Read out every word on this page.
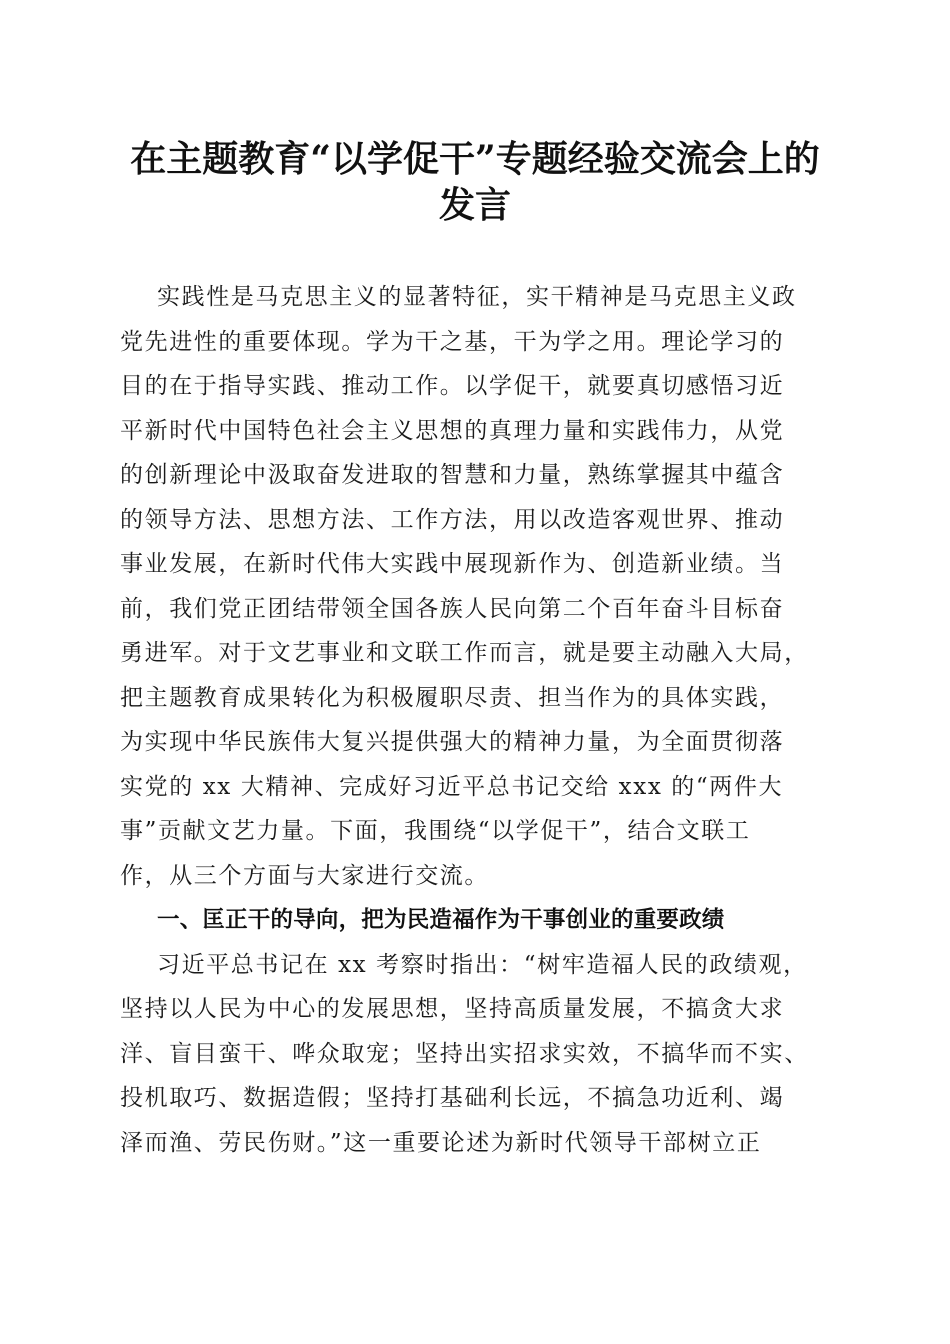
在主题教育“以学促干”专题经验交流会上的
发言
实践性是马克思主义的显著特征，实干精神是马克思主义政
党先进性的重要体现。学为干之基，干为学之用。理论学习的
目的在于指导实践、推动工作。以学促干，就要真切感悟习近
平新时代中国特色社会主义思想的真理力量和实践伟力，从党
的创新理论中汲取奋发进取的智慧和力量，熟练掌握其中蕴含
的领导方法、思想方法、工作方法，用以改造客观世界、推动
事业发展，在新时代伟大实践中展现新作为、创造新业绩。当
前，我们党正团结带领全国各族人民向第二个百年奋斗目标奋
勇进军。对于文艺事业和文联工作而言，就是要主动融入大局，
把主题教育成果转化为积极履职尽责、担当作为的具体实践，
为实现中华民族伟大复兴提供强大的精神力量，为全面贯彻落
实党的 xx 大精神、完成好习近平总书记交给 xxx 的“两件大
事”贡献文艺力量。下面，我围绕“以学促干”，结合文联工
作，从三个方面与大家进行交流。
一、匡正干的导向，把为民造福作为干事创业的重要政绩
习近平总书记在 xx 考察时指出：“树牢造福人民的政绩观，
坚持以人民为中心的发展思想，坚持高质量发展，不搞贪大求
洋、盲目蛮干、哗众取宠；坚持出实招求实效，不搞华而不实、
投机取巧、数据造假；坚持打基础利长远，不搞急功近利、竭
泽而渔、劳民伤财。”这一重要论述为新时代领导干部树立正
